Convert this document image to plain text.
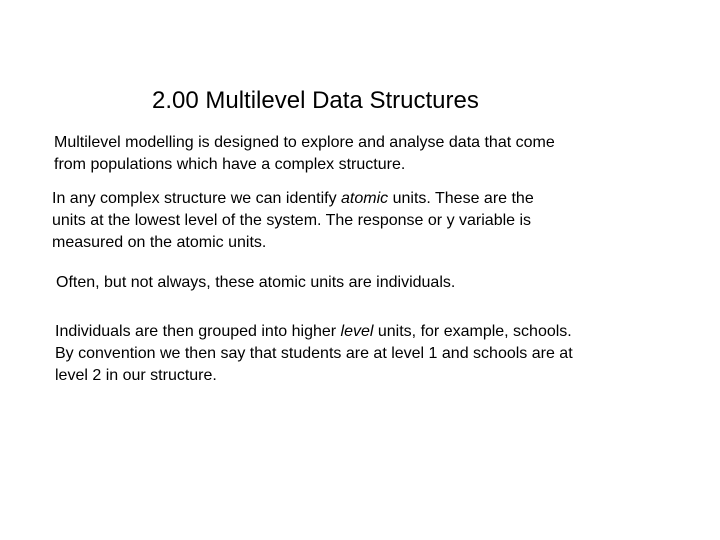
2.00 Multilevel Data Structures

Multilevel modelling is designed to explore and analyse data that come
from populations which have a complex structure.

In any complex structure we can identify atomic units. These are the
units at the lowest level of the system. The response or y variable is
measured on the atomic units.

Often, but not always, these atomic units are individuals.

Individuals are then grouped into higher level units, for example, schools.
By convention we then say that students are at level 1 and schools are at
level 2 in our structure.
